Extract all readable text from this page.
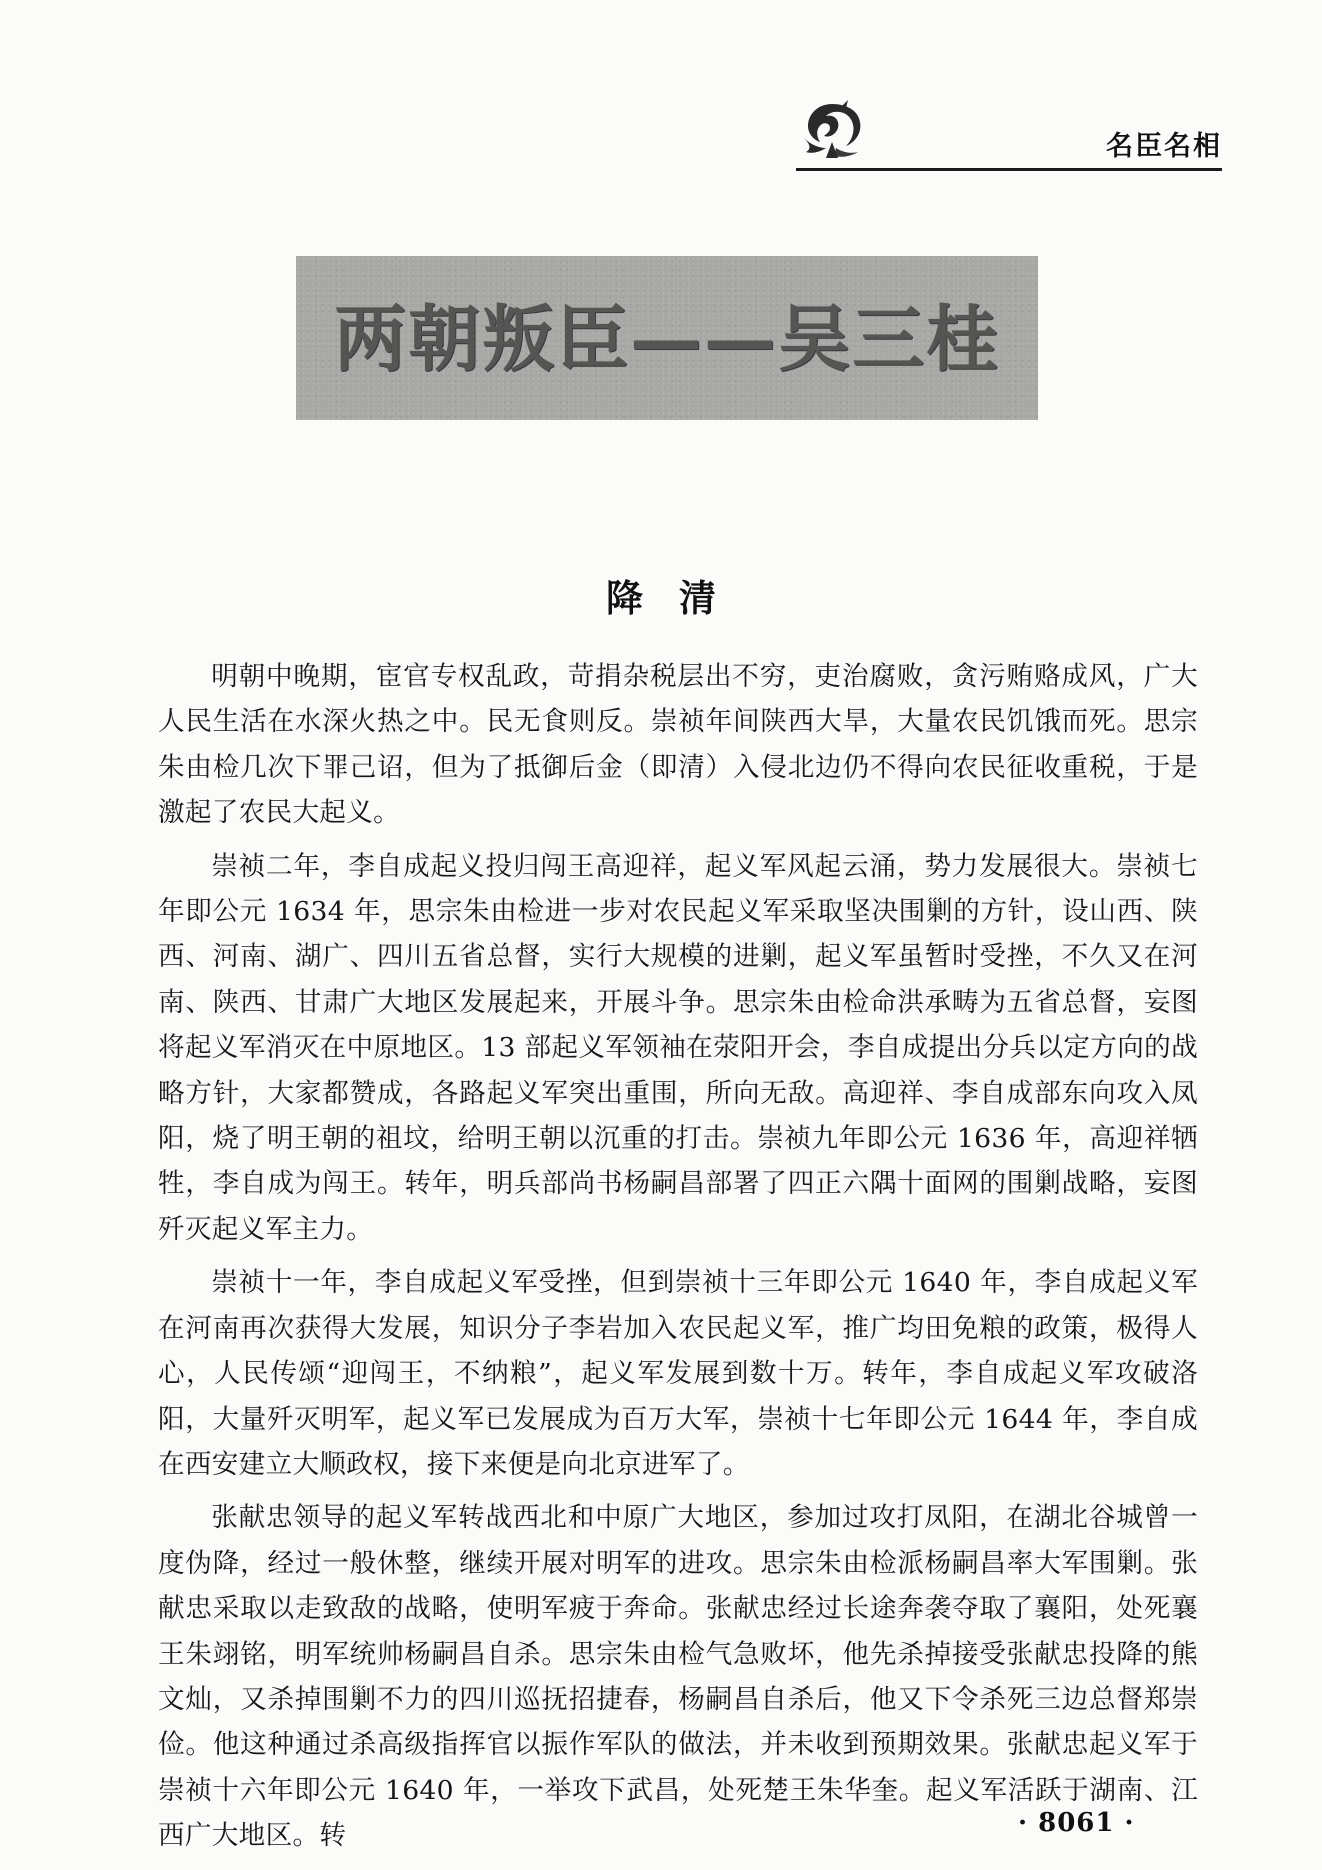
名臣名相
两朝叛臣——吴三桂
降清

明朝中晚期，宦官专权乱政，苛捐杂税层出不穷，吏治腐败，贪污贿赂成风，广大人民生活在水深火热之中。民无食则反。崇祯年间陕西大旱，大量农民饥饿而死。思宗朱由检几次下罪己诏，但为了抵御后金（即清）入侵北边仍不得向农民征收重税，于是激起了农民大起义。

崇祯二年，李自成起义投归闯王高迎祥，起义军风起云涌，势力发展很大。崇祯七年即公元 1634 年，思宗朱由检进一步对农民起义军采取坚决围剿的方针，设山西、陕西、河南、湖广、四川五省总督，实行大规模的进剿，起义军虽暂时受挫，不久又在河南、陕西、甘肃广大地区发展起来，开展斗争。思宗朱由检命洪承畴为五省总督，妄图将起义军消灭在中原地区。13 部起义军领袖在荥阳开会，李自成提出分兵以定方向的战略方针，大家都赞成，各路起义军突出重围，所向无敌。高迎祥、李自成部东向攻入凤阳，烧了明王朝的祖坟，给明王朝以沉重的打击。崇祯九年即公元 1636 年，高迎祥牺牲，李自成为闯王。转年，明兵部尚书杨嗣昌部署了四正六隅十面网的围剿战略，妄图歼灭起义军主力。

崇祯十一年，李自成起义军受挫，但到崇祯十三年即公元 1640 年，李自成起义军在河南再次获得大发展，知识分子李岩加入农民起义军，推广均田免粮的政策，极得人心，人民传颂“迎闯王，不纳粮”，起义军发展到数十万。转年，李自成起义军攻破洛阳，大量歼灭明军，起义军已发展成为百万大军，崇祯十七年即公元 1644 年，李自成在西安建立大顺政权，接下来便是向北京进军了。

张献忠领导的起义军转战西北和中原广大地区，参加过攻打凤阳，在湖北谷城曾一度伪降，经过一般休整，继续开展对明军的进攻。思宗朱由检派杨嗣昌率大军围剿。张献忠采取以走致敌的战略，使明军疲于奔命。张献忠经过长途奔袭夺取了襄阳，处死襄王朱翊铭，明军统帅杨嗣昌自杀。思宗朱由检气急败坏，他先杀掉接受张献忠投降的熊文灿，又杀掉围剿不力的四川巡抚招捷春，杨嗣昌自杀后，他又下令杀死三边总督郑崇俭。他这种通过杀高级指挥官以振作军队的做法，并未收到预期效果。张献忠起义军于崇祯十六年即公元 1640 年，一举攻下武昌，处死楚王朱华奎。起义军活跃于湖南、江西广大地区。转	· 8061 ·
